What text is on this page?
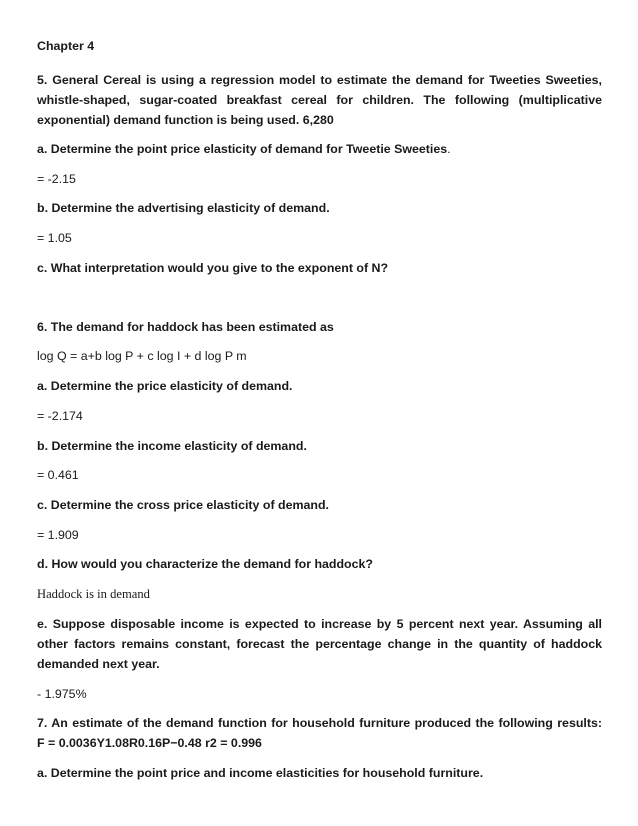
Chapter 4
5. General Cereal is using a regression model to estimate the demand for Tweeties Sweeties,
whistle-shaped, sugar-coated breakfast cereal for children. The following (multiplicative
exponential) demand function is being used. 6,280
a. Determine the point price elasticity of demand for Tweetie Sweeties.
= -2.15
b. Determine the advertising elasticity of demand.
= 1.05
c. What interpretation would you give to the exponent of N?
6. The demand for haddock has been estimated as
log Q = a+b log P + c log I + d log P m
a. Determine the price elasticity of demand.
= -2.174
b. Determine the income elasticity of demand.
= 0.461
c. Determine the cross price elasticity of demand.
= 1.909
d. How would you characterize the demand for haddock?
Haddock is in demand
e. Suppose disposable income is expected to increase by 5 percent next year. Assuming all
other factors remains constant, forecast the percentage change in the quantity of haddock
demanded next year.
- 1.975%
7. An estimate of the demand function for household furniture produced the following results:
F = 0.0036Y1.08R0.16P−0.48 r2 = 0.996
a. Determine the point price and income elasticities for household furniture.
